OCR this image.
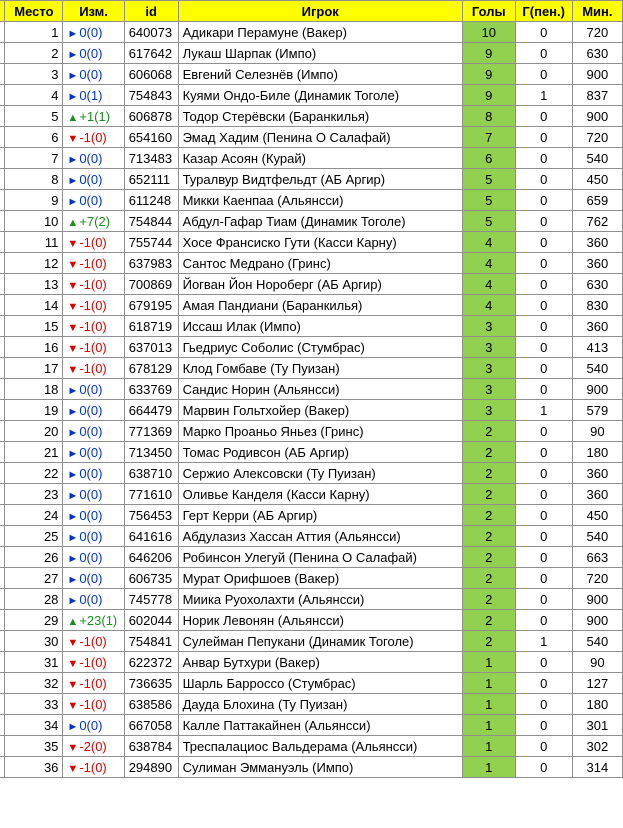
	Место	Изм.	id	Игрок	Голы	Г(пен.)	Мин.
	1	►0(0)	640073	Адикари Перамуне (Вакер)	10	0	720
	2	►0(0)	617642	Лукаш Шарпак (Импо)	9	0	630
	3	►0(0)	606068	Евгений Селезнёв (Импо)	9	0	900
	4	►0(1)	754843	Куями Ондо-Биле (Динамик Тоголе)	9	1	837
	5	▲+1(1)	606878	Тодор Стерёвски (Баранкилья)	8	0	900
	6	▼-1(0)	654160	Эмад Хадим (Пенина О Салафай)	7	0	720
	7	►0(0)	713483	Казар Асоян (Курай)	6	0	540
	8	►0(0)	652111	Туралвур Видтфельдт (АБ Аргир)	5	0	450
	9	►0(0)	611248	Микки Каенпаа (Альянсси)	5	0	659
	10	▲+7(2)	754844	Абдул-Гафар Тиам (Динамик Тоголе)	5	0	762
	11	▼-1(0)	755744	Хосе Франсиско Гути (Касси Карну)	4	0	360
	12	▼-1(0)	637983	Сантос Медрано (Гринс)	4	0	360
	13	▼-1(0)	700869	Йогван Йон Норoберг (АБ Аргир)	4	0	630
	14	▼-1(0)	679195	Амая Пандиани (Баранкилья)	4	0	830
	15	▼-1(0)	618719	Иссаш Илак (Импо)	3	0	360
	16	▼-1(0)	637013	Гьедриус Соболис (Стумбрас)	3	0	413
	17	▼-1(0)	678129	Клод Гомбаве (Ту Пуизан)	3	0	540
	18	►0(0)	633769	Сандис Норин (Альянсси)	3	0	900
	19	►0(0)	664479	Марвин Гольтхойер (Вакер)	3	1	579
	20	►0(0)	771369	Марко Проаньо Яньез (Гринс)	2	0	90
	21	►0(0)	713450	Томас Родивсон (АБ Аргир)	2	0	180
	22	►0(0)	638710	Сержио Алексовски (Ту Пуизан)	2	0	360
	23	►0(0)	771610	Оливье Канделя (Касси Карну)	2	0	360
	24	►0(0)	756453	Герт Керри (АБ Аргир)	2	0	450
	25	►0(0)	641616	Абдулазиз Хассан Аттия (Альянсси)	2	0	540
	26	►0(0)	646206	Робинсон Улегуй (Пенина О Салафай)	2	0	663
	27	►0(0)	606735	Мурат Орифшоев (Вакер)	2	0	720
	28	►0(0)	745778	Миика Руохолахти (Альянсси)	2	0	900
	29	▲+23(1)	602044	Норик Левонян (Альянсси)	2	0	900
	30	▼-1(0)	754841	Сулейман Пепукани (Динамик Тоголе)	2	1	540
	31	▼-1(0)	622372	Анвар Бутхури (Вакер)	1	0	90
	32	▼-1(0)	736635	Шарль Барроссо (Стумбрас)	1	0	127
	33	▼-1(0)	638586	Дауда Блохина (Ту Пуизан)	1	0	180
	34	►0(0)	667058	Калле Паттакайнен (Альянсси)	1	0	301
	35	▼-2(0)	638784	Треспалациос Вальдерама (Альянсси)	1	0	302
	36	▼-1(0)	294890	Сулиман Эммануэль (Импо)	1	0	314
